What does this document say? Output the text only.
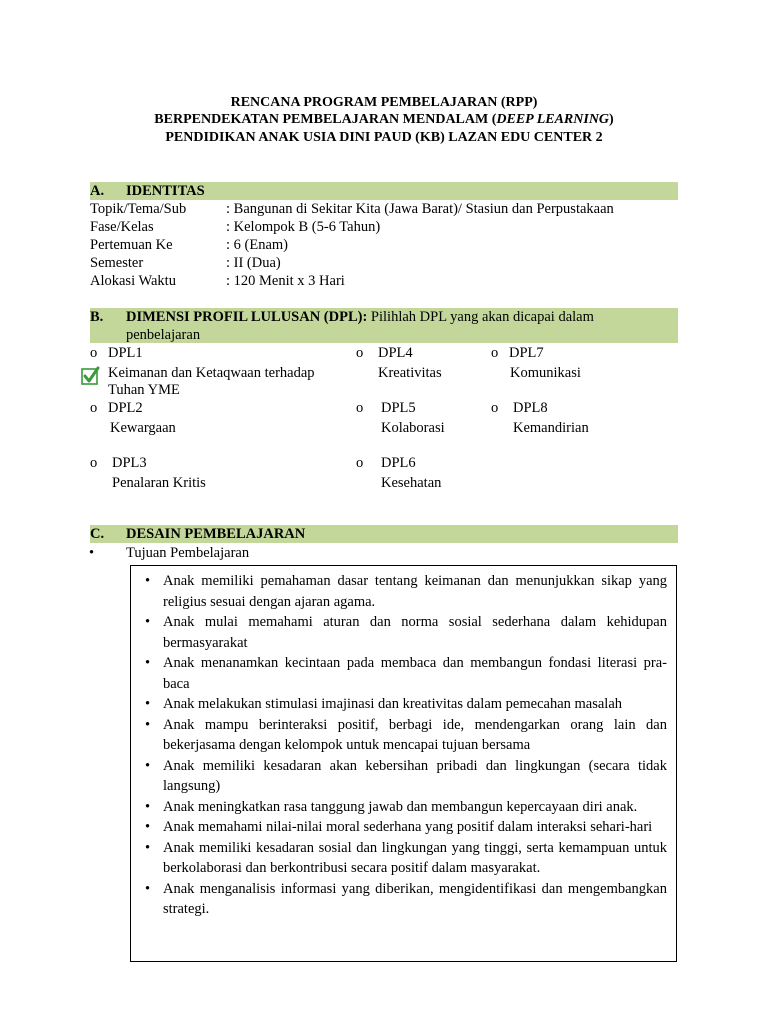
RENCANA PROGRAM PEMBELAJARAN (RPP)
BERPENDEKATAN PEMBELAJARAN MENDALAM (DEEP LEARNING)
PENDIDIKAN ANAK USIA DINI PAUD (KB) LAZAN EDU CENTER 2
A. IDENTITAS
Topik/Tema/Sub	: Bangunan di Sekitar Kita (Jawa Barat)/ Stasiun dan Perpustakaan
Fase/Kelas	: Kelompok B (5-6 Tahun)
Pertemuan Ke	: 6 (Enam)
Semester	: II (Dua)
Alokasi Waktu	: 120 Menit x 3 Hari
B. DIMENSI PROFIL LULUSAN (DPL): Pilihlah DPL yang akan dicapai dalam
penbelajaran
o DPL1
Keimanan dan Ketaqwaan terhadap
Tuhan YME
o DPL2
Kewargaan
o DPL3
Penalaran Kritis
o DPL4
Kreativitas
o DPL5
Kolaborasi
o DPL6
Kesehatan
o DPL7
Komunikasi
o DPL8
Kemandirian
C. DESAIN PEMBELAJARAN
• Tujuan Pembelajaran
• Anak memiliki pemahaman dasar tentang keimanan dan menunjukkan sikap yang religius sesuai dengan ajaran agama.
• Anak mulai memahami aturan dan norma sosial sederhana dalam kehidupan bermasyarakat
• Anak menanamkan kecintaan pada membaca dan membangun fondasi literasi pra-baca
• Anak melakukan stimulasi imajinasi dan kreativitas dalam pemecahan masalah
• Anak mampu berinteraksi positif, berbagi ide, mendengarkan orang lain dan bekerjasama dengan kelompok untuk mencapai tujuan bersama
• Anak memiliki kesadaran akan kebersihan pribadi dan lingkungan (secara tidak langsung)
• Anak meningkatkan rasa tanggung jawab dan membangun kepercayaan diri anak.
• Anak memahami nilai-nilai moral sederhana yang positif dalam interaksi sehari-hari
• Anak memiliki kesadaran sosial dan lingkungan yang tinggi, serta kemampuan untuk berkolaborasi dan berkontribusi secara positif dalam masyarakat.
• Anak menganalisis informasi yang diberikan, mengidentifikasi dan mengembangkan strategi.
